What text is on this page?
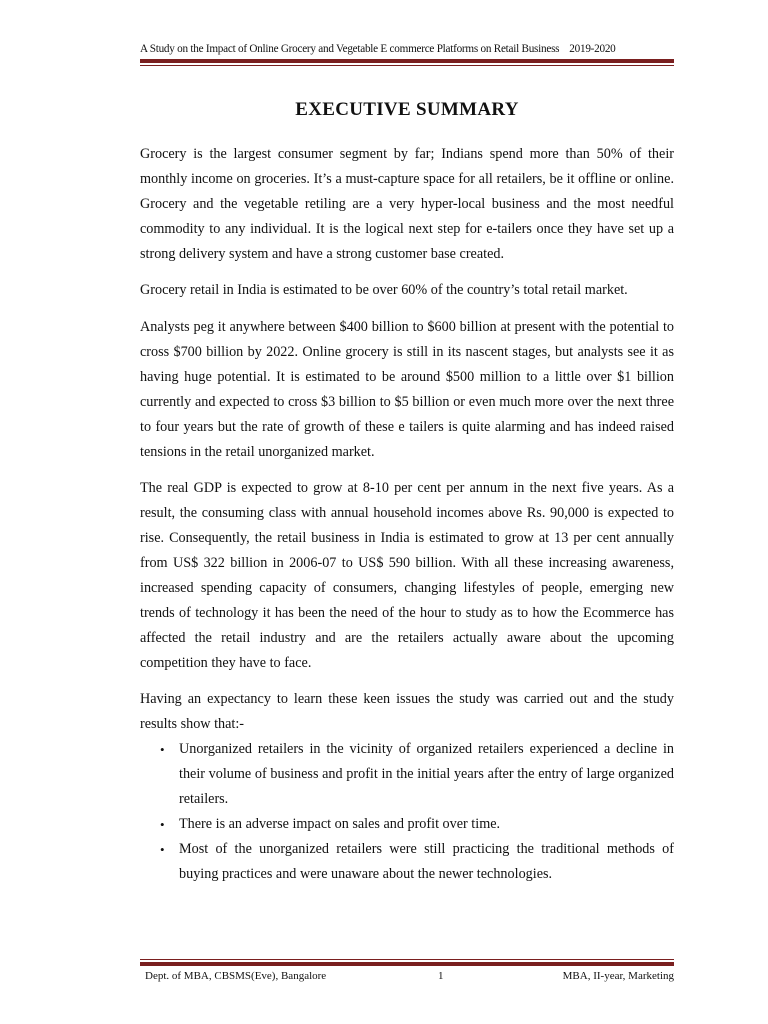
A Study on the Impact of Online Grocery and Vegetable E commerce Platforms on Retail Business 2019-2020
EXECUTIVE SUMMARY

Grocery is the largest consumer segment by far; Indians spend more than 50% of their monthly income on groceries. It’s a must-capture space for all retailers, be it offline or online. Grocery and the vegetable retiling are a very hyper-local business and the most needful commodity to any individual. It is the logical next step for e-tailers once they have set up a strong delivery system and have a strong customer base created.

Grocery retail in India is estimated to be over 60% of the country’s total retail market.

Analysts peg it anywhere between $400 billion to $600 billion at present with the potential to cross $700 billion by 2022. Online grocery is still in its nascent stages, but analysts see it as having huge potential. It is estimated to be around $500 million to a little over $1 billion currently and expected to cross $3 billion to $5 billion or even much more over the next three to four years but the rate of growth of these e tailers is quite alarming and has indeed raised tensions in the retail unorganized market.

The real GDP is expected to grow at 8-10 per cent per annum in the next five years. As a result, the consuming class with annual household incomes above Rs. 90,000 is expected to rise. Consequently, the retail business in India is estimated to grow at 13 per cent annually from US$ 322 billion in 2006-07 to US$ 590 billion. With all these increasing awareness, increased spending capacity of consumers, changing lifestyles of people, emerging new trends of technology it has been the need of the hour to study as to how the Ecommerce has affected the retail industry and are the retailers actually aware about the upcoming competition they have to face.

Having an expectancy to learn these keen issues the study was carried out and the study results show that:-

• Unorganized retailers in the vicinity of organized retailers experienced a decline in their volume of business and profit in the initial years after the entry of large organized retailers.
• There is an adverse impact on sales and profit over time.
• Most of the unorganized retailers were still practicing the traditional methods of buying practices and were unaware about the newer technologies.
Dept. of MBA, CBSMS(Eve), Bangalore	1	MBA, II-year, Marketing
